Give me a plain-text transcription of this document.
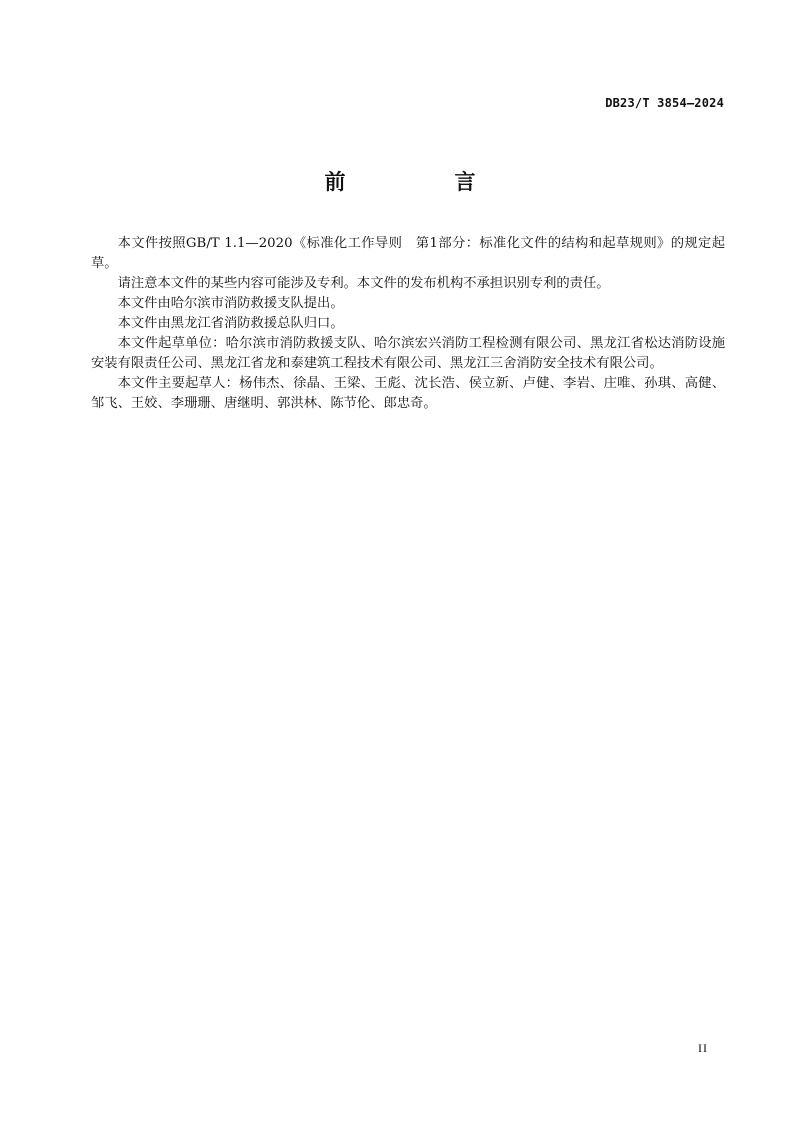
DB23/T 3854—2024
前　言

本文件按照GB/T 1.1—2020《标准化工作导则　第1部分：标准化文件的结构和起草规则》的规定起草。

请注意本文件的某些内容可能涉及专利。本文件的发布机构不承担识别专利的责任。

本文件由哈尔滨市消防救援支队提出。

本文件由黑龙江省消防救援总队归口。

本文件起草单位：哈尔滨市消防救援支队、哈尔滨宏兴消防工程检测有限公司、黑龙江省松达消防设施安装有限责任公司、黑龙江省龙和泰建筑工程技术有限公司、黑龙江三舍消防安全技术有限公司。

本文件主要起草人：杨伟杰、徐晶、王梁、王彪、沈长浩、侯立新、卢健、李岩、庄唯、孙琪、高健、邹飞、王姣、李珊珊、唐继明、郭洪林、陈节伦、郎忠奇。

II
